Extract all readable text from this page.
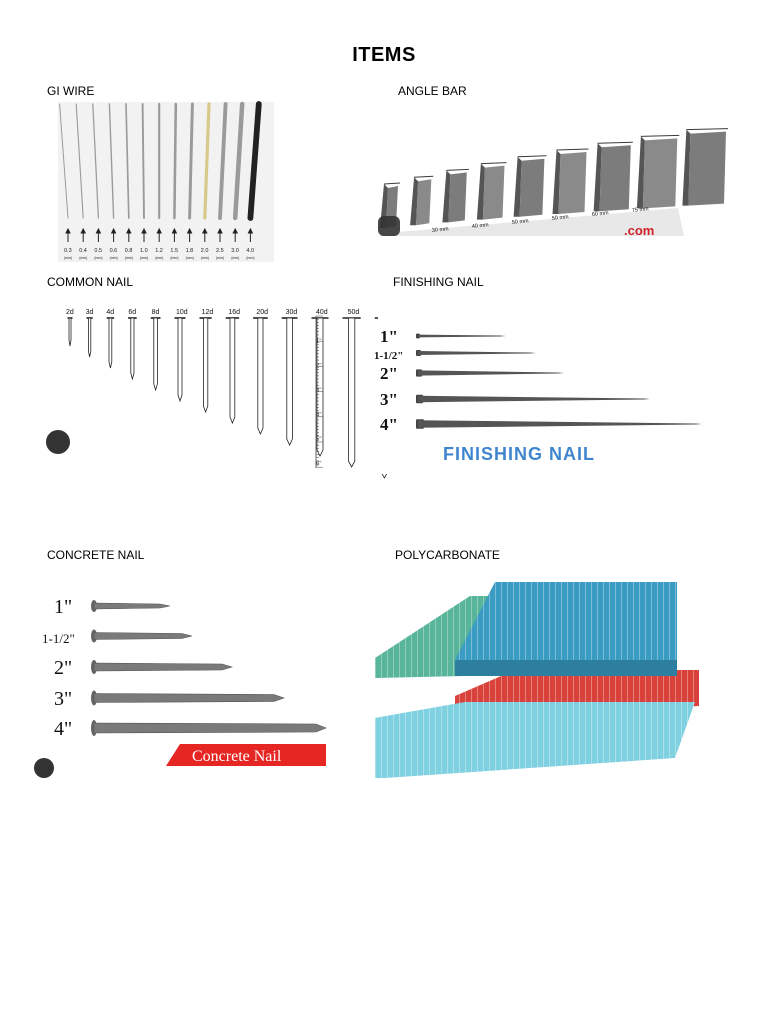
ITEMS
GI WIRE
0.3
(mm)
0.4
(mm)
0.5
(mm)
0.6
(mm)
0.8
(mm)
1.0
(mm)
1.2
(mm)
1.5
(mm)
1.8
(mm)
2.0
(mm)
2.5
(mm)
3.0
(mm)
4.0
(mm)
ANGLE BAR
30 mm
40 mm
50 mm
50 mm
60 mm
75 mm
.com
COMMON NAIL
2d 3d 4d 6d 8d 10d 12d 16d 20d	30d	40d	50d
1"
2"
3"
4"
5"
6"
FINISHING NAIL
1"
1-1/2"
2"
3"
4"
FINISHING NAIL
CONCRETE NAIL
1"
1-1/2"
2"
3"
4"
Concrete Nail
POLYCARBONATE
